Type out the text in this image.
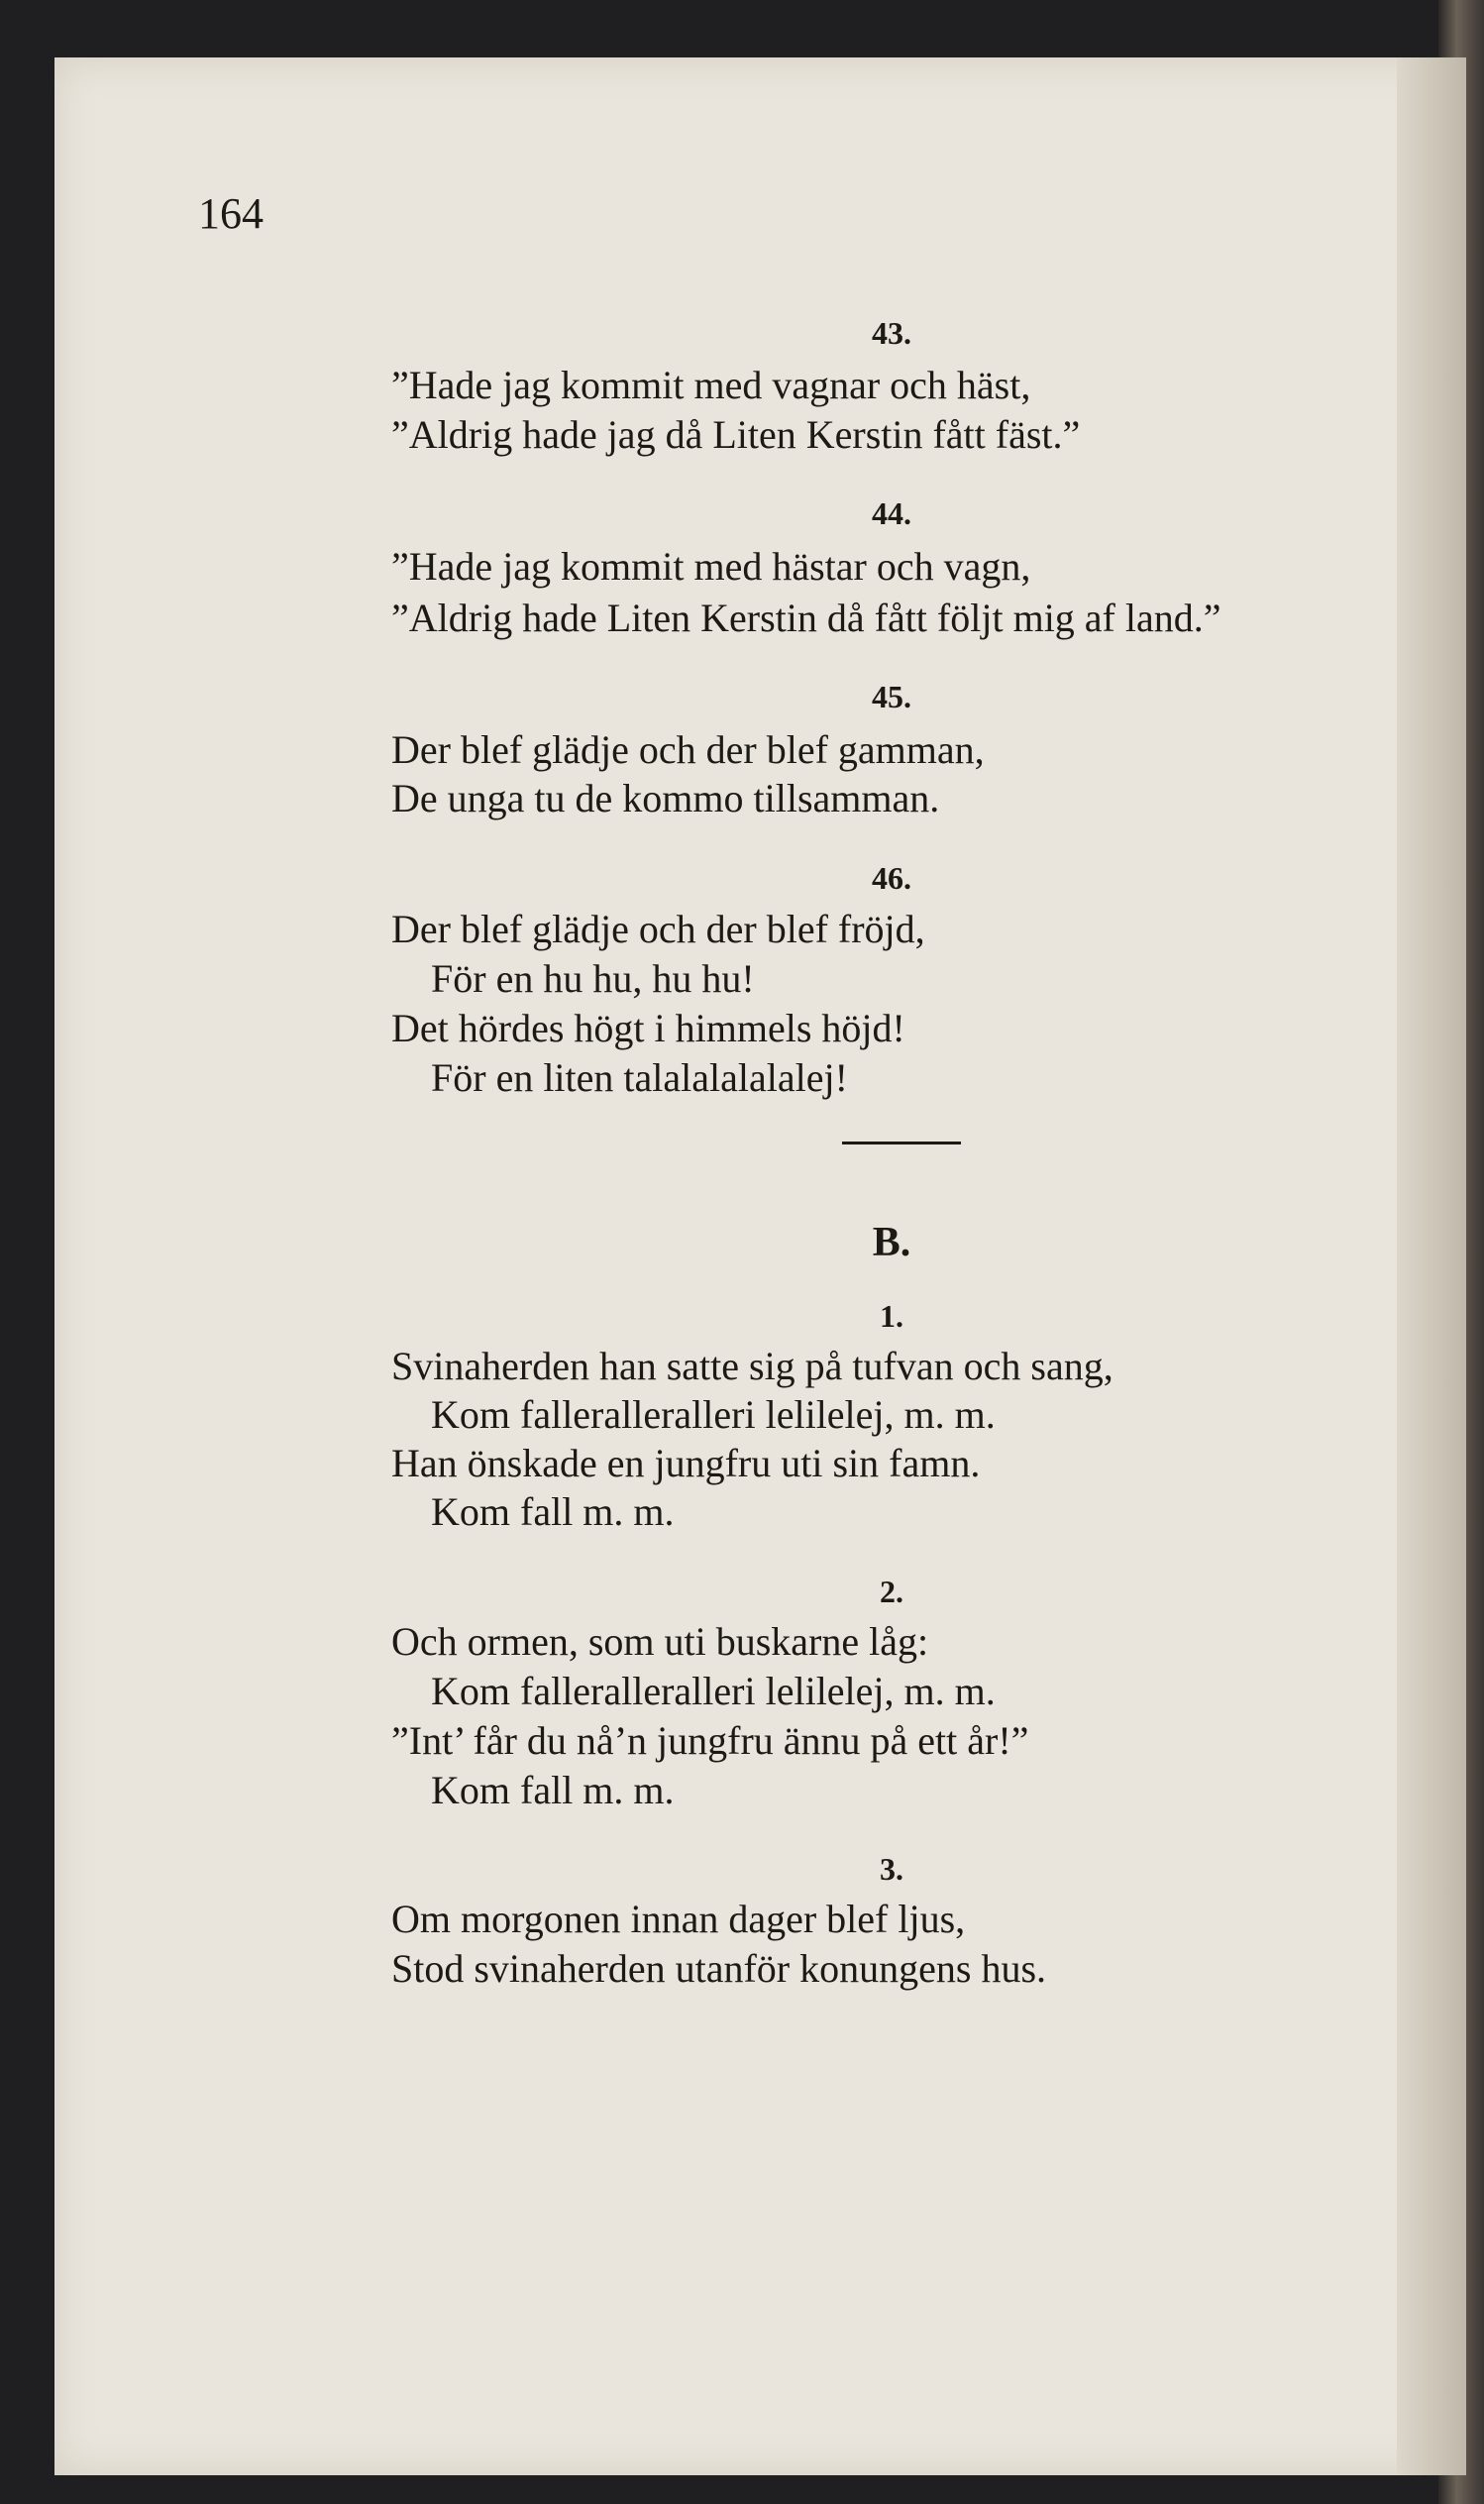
164
43.
”Hade jag kommit med vagnar och häst,
”Aldrig hade jag då Liten Kerstin fått fäst.”
44.
”Hade jag kommit med hästar och vagn,
”Aldrig hade Liten Kerstin då fått följt mig af land.”
45.
Der blef glädje och der blef gamman,
De unga tu de kommo tillsamman.
46.
Der blef glädje och der blef fröjd,
För en hu hu, hu hu!
Det hördes högt i himmels höjd!
För en liten talalalalalalej!
B.
1.
Svinaherden han satte sig på tufvan och sang,
Kom falleralleralleri lelilelej, m. m.
Han önskade en jungfru uti sin famn.
Kom fall m. m.
2.
Och ormen, som uti buskarne låg:
Kom falleralleralleri lelilelej, m. m.
”Int’ får du nå’n jungfru ännu på ett år!”
Kom fall m. m.
3.
Om morgonen innan dager blef ljus,
Stod svinaherden utanför konungens hus.
